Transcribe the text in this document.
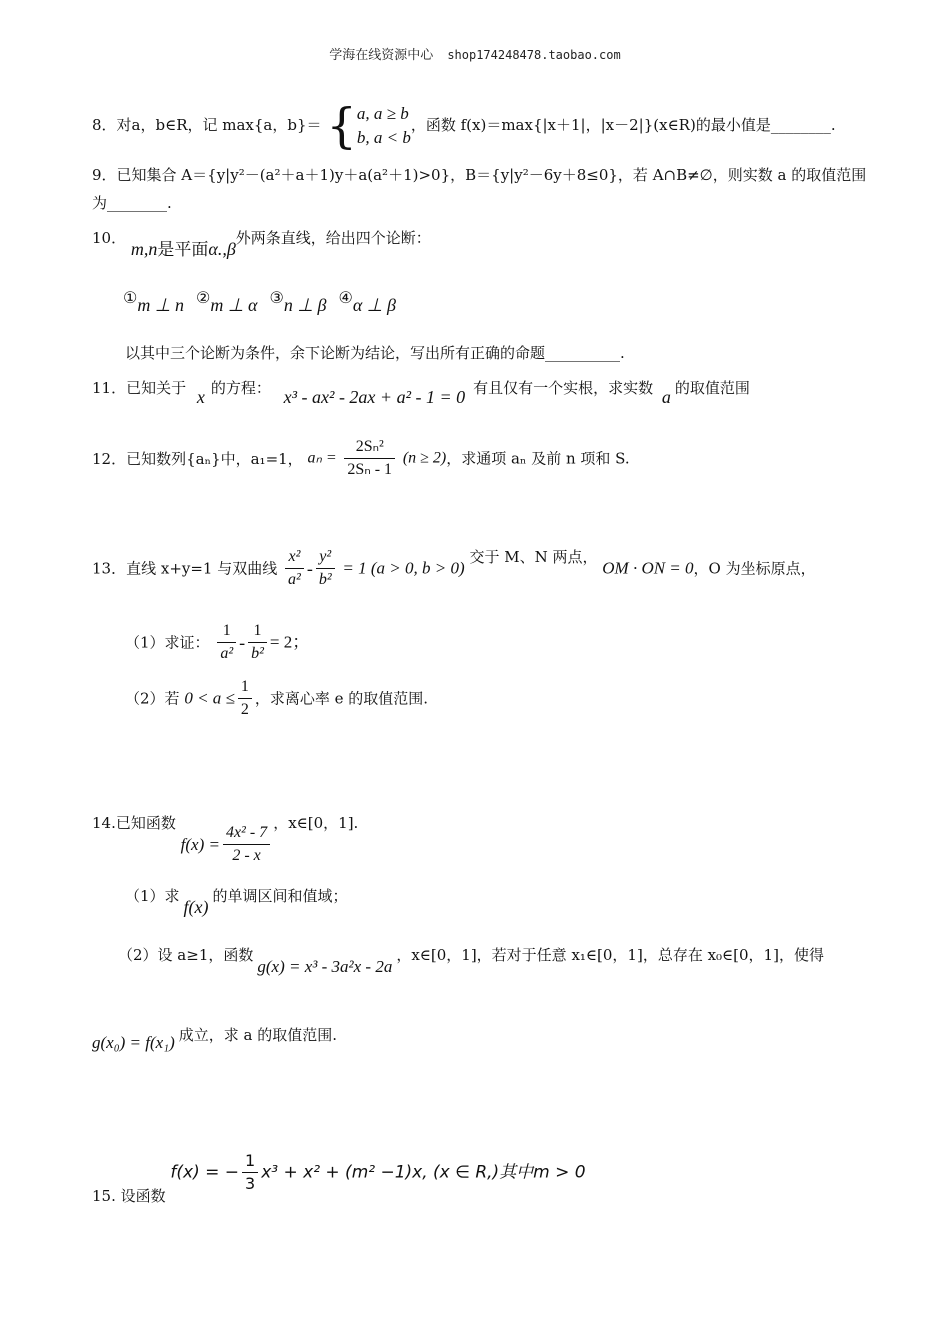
学海在线资源中心 shop174248478.taobao.com
8．对a，b∈R，记 max{a，b}＝ { a, a ≥ b
b, a < b
，函数 f(x)＝max{|x＋1|，|x－2|}(x∈R)的最小值是________.
9．已知集合 A＝{y|y²－(a²＋a＋1)y＋a(a²＋1)>0}，B＝{y|y²－6y＋8≤0}，若 A∩B≠∅，则实数 a 的取值范围
为________.
10． m,n是平面α.,β外两条直线，给出四个论断：
①m ⊥ n ②m ⊥ α ③n ⊥ β ④α ⊥ β
以其中三个论断为条件，余下论断为结论，写出所有正确的命题__________.
11．已知关于 x 的方程： x³ - ax² - 2ax + a² - 1 = 0 有且仅有一个实根，求实数 a 的取值范围
12．已知数列{aₙ}中，a₁=1， $a_n = \frac{\text{2Sₙ²}}{\text{2Sₙ - 1}} (n \ge 2)$，求通项 aₙ 及前 n 项和 S.
13．直线 x+y=1 与双曲线 $\frac{\text{x²}}{\text{a²}} - \frac{\text{y²}}{\text{b²}} = 1$ (a > 0, b > 0) 交于 M、N 两点， OM · ON = 0，O 为坐标原点，
（1）求证： $\frac{1}{\text{a²}} - \frac{1}{\text{b²}} = 2$；
（2）若 $0 < a \le \frac{1}{2}$ ，求离心率 e 的取值范围.
14.已知函数 $f(x) = \frac{\text{4x² - 7}}{2 - x}$ ，x∈[0，1].
（1）求f(x)的单调区间和值域；
（2）设 a≥1，函数g(x) = x³ - 3a²x - 2a，x∈[0，1]，若对于任意 x₁∈[0，1]，总存在 x₀∈[0，1]，使得
g(x₀) = f(x₁) 成立，求 a 的取值范围.
15. 设函数 f(x) = − $\frac{1}{3} x^3 + x^2 + (m^2 -1)x$, (x ∈ R,)其中m > 0
